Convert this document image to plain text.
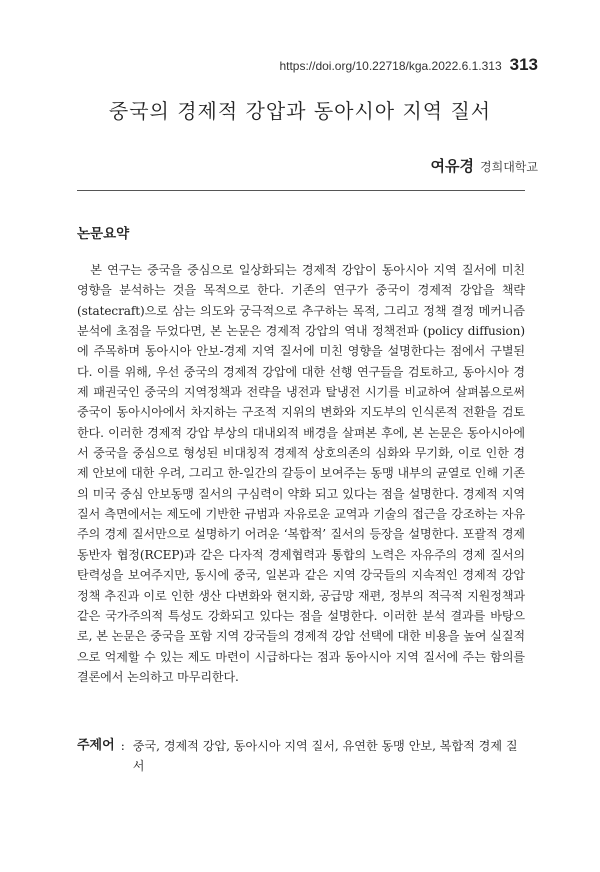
https://doi.org/10.22718/kga.2022.6.1.313 313
중국의 경제적 강압과 동아시아 지역 질서
여유경 경희대학교
논문요약

본 연구는 중국을 중심으로 일상화되는 경제적 강압이 동아시아 지역 질서에 미친 영향을 분석하는 것을 목적으로 한다. 기존의 연구가 중국이 경제적 강압을 책략(statecraft)으로 삼는 의도와 궁극적으로 추구하는 목적, 그리고 정책 결정 메커니즘 분석에 초점을 두었다면, 본 논문은 경제적 강압의 역내 정책전파 (policy diffusion)에 주목하며 동아시아 안보-경제 지역 질서에 미친 영향을 설명한다는 점에서 구별된다. 이를 위해, 우선 중국의 경제적 강압에 대한 선행 연구들을 검토하고, 동아시아 경제 패권국인 중국의 지역정책과 전략을 냉전과 탈냉전 시기를 비교하여 살펴봄으로써 중국이 동아시아에서 차지하는 구조적 지위의 변화와 지도부의 인식론적 전환을 검토한다. 이러한 경제적 강압 부상의 대내외적 배경을 살펴본 후에, 본 논문은 동아시아에서 중국을 중심으로 형성된 비대칭적 경제적 상호의존의 심화와 무기화, 이로 인한 경제 안보에 대한 우려, 그리고 한-일간의 갈등이 보여주는 동맹 내부의 균열로 인해 기존의 미국 중심 안보동맹 질서의 구심력이 약화 되고 있다는 점을 설명한다. 경제적 지역 질서 측면에서는 제도에 기반한 규범과 자유로운 교역과 기술의 접근을 강조하는 자유주의 경제 질서만으로 설명하기 어려운 ‘복합적’ 질서의 등장을 설명한다. 포괄적 경제동반자 협정(RCEP)과 같은 다자적 경제협력과 통합의 노력은 자유주의 경제 질서의 탄력성을 보여주지만, 동시에 중국, 일본과 같은 지역 강국들의 지속적인 경제적 강압 정책 추진과 이로 인한 생산 다변화와 현지화, 공급망 재편, 정부의 적극적 지원정책과 같은 국가주의적 특성도 강화되고 있다는 점을 설명한다. 이러한 분석 결과를 바탕으로, 본 논문은 중국을 포함 지역 강국들의 경제적 강압 선택에 대한 비용을 높여 실질적으로 억제할 수 있는 제도 마련이 시급하다는 점과 동아시아 지역 질서에 주는 함의를 결론에서 논의하고 마무리한다.

주제어 : 중국, 경제적 강압, 동아시아 지역 질서, 유연한 동맹 안보, 복합적 경제 질서
